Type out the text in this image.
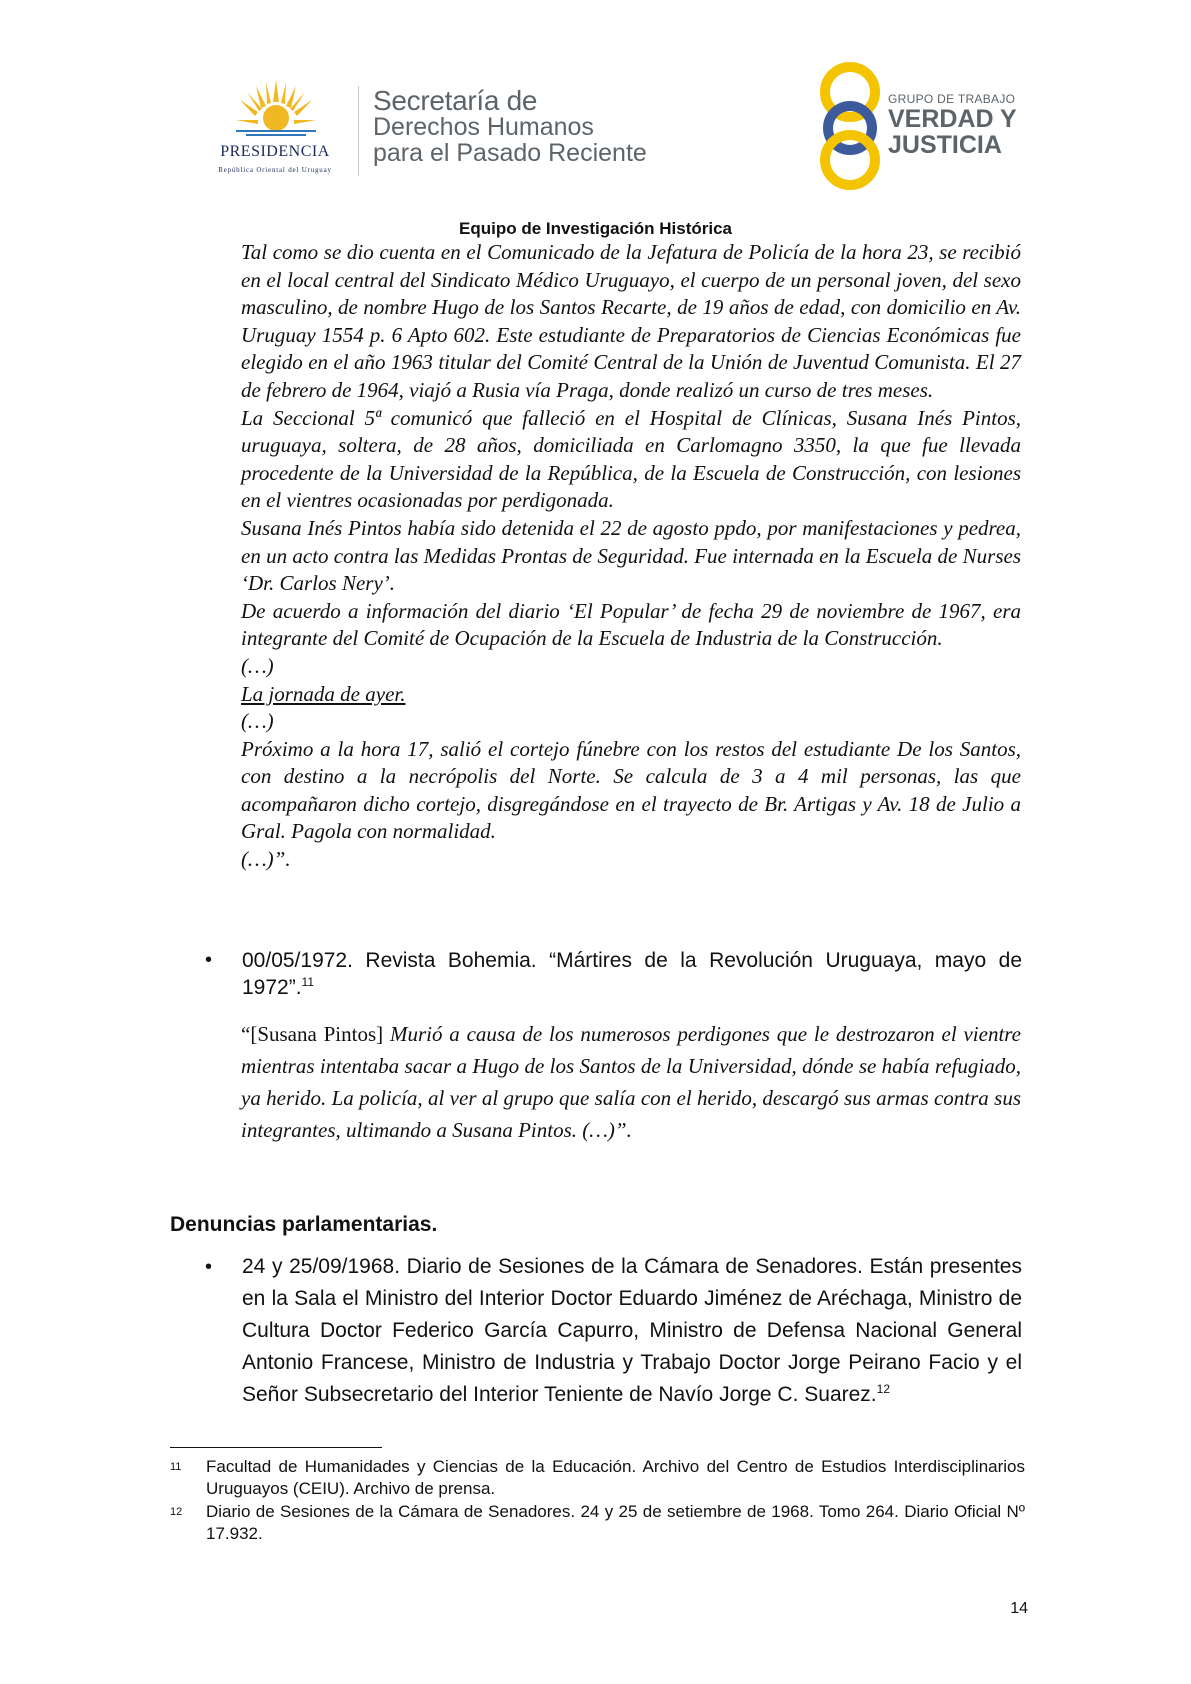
PRESIDENCIA
República Oriental del Uruguay
Secretaría de
Derechos Humanos
para el Pasado Reciente
GRUPO DE TRABAJO
VERDAD Y
JUSTICIA
Equipo de Investigación Histórica

Tal como se dio cuenta en el Comunicado de la Jefatura de Policía de la hora 23, se recibió en el local central del Sindicato Médico Uruguayo, el cuerpo de un personal joven, del sexo masculino, de nombre Hugo de los Santos Recarte, de 19 años de edad, con domicilio en Av. Uruguay 1554 p. 6 Apto 602. Este estudiante de Preparatorios de Ciencias Económicas fue elegido en el año 1963 titular del Comité Central de la Unión de Juventud Comunista. El 27 de febrero de 1964, viajó a Rusia vía Praga, donde realizó un curso de tres meses.

La Seccional 5ª comunicó que falleció en el Hospital de Clínicas, Susana Inés Pintos, uruguaya, soltera, de 28 años, domiciliada en Carlomagno 3350, la que fue llevada procedente de la Universidad de la República, de la Escuela de Construcción, con lesiones en el vientres ocasionadas por perdigonada.

Susana Inés Pintos había sido detenida el 22 de agosto ppdo, por manifestaciones y pedrea, en un acto contra las Medidas Prontas de Seguridad. Fue internada en la Escuela de Nurses ‘Dr. Carlos Nery’.

De acuerdo a información del diario ‘El Popular’ de fecha 29 de noviembre de 1967, era integrante del Comité de Ocupación de la Escuela de Industria de la Construcción.

(…)

La jornada de ayer.

(…)

Próximo a la hora 17, salió el cortejo fúnebre con los restos del estudiante De los Santos, con destino a la necrópolis del Norte. Se calcula de 3 a 4 mil personas, las que acompañaron dicho cortejo, disgregándose en el trayecto de Br. Artigas y Av. 18 de Julio a Gral. Pagola con normalidad.

(…)”.

• 00/05/1972. Revista Bohemia. “Mártires de la Revolución Uruguaya, mayo de 1972”.$^{11}$
“[Susana Pintos] Murió a causa de los numerosos perdigones que le destrozaron el vientre mientras intentaba sacar a Hugo de los Santos de la Universidad, dónde se había refugiado, ya herido. La policía, al ver al grupo que salía con el herido, descargó sus armas contra sus integrantes, ultimando a Susana Pintos. (…)”.
Denuncias parlamentarias.
• 24 y 25/09/1968. Diario de Sesiones de la Cámara de Senadores. Están presentes en la Sala el Ministro del Interior Doctor Eduardo Jiménez de Aréchaga, Ministro de Cultura Doctor Federico García Capurro, Ministro de Defensa Nacional General Antonio Francese, Ministro de Industria y Trabajo Doctor Jorge Peirano Facio y el Señor Subsecretario del Interior Teniente de Navío Jorge C. Suarez.$^{12}$
11 Facultad de Humanidades y Ciencias de la Educación. Archivo del Centro de Estudios Interdisciplinarios Uruguayos (CEIU). Archivo de prensa.
12 Diario de Sesiones de la Cámara de Senadores. 24 y 25 de setiembre de 1968. Tomo 264. Diario Oficial Nº 17.932.
14
